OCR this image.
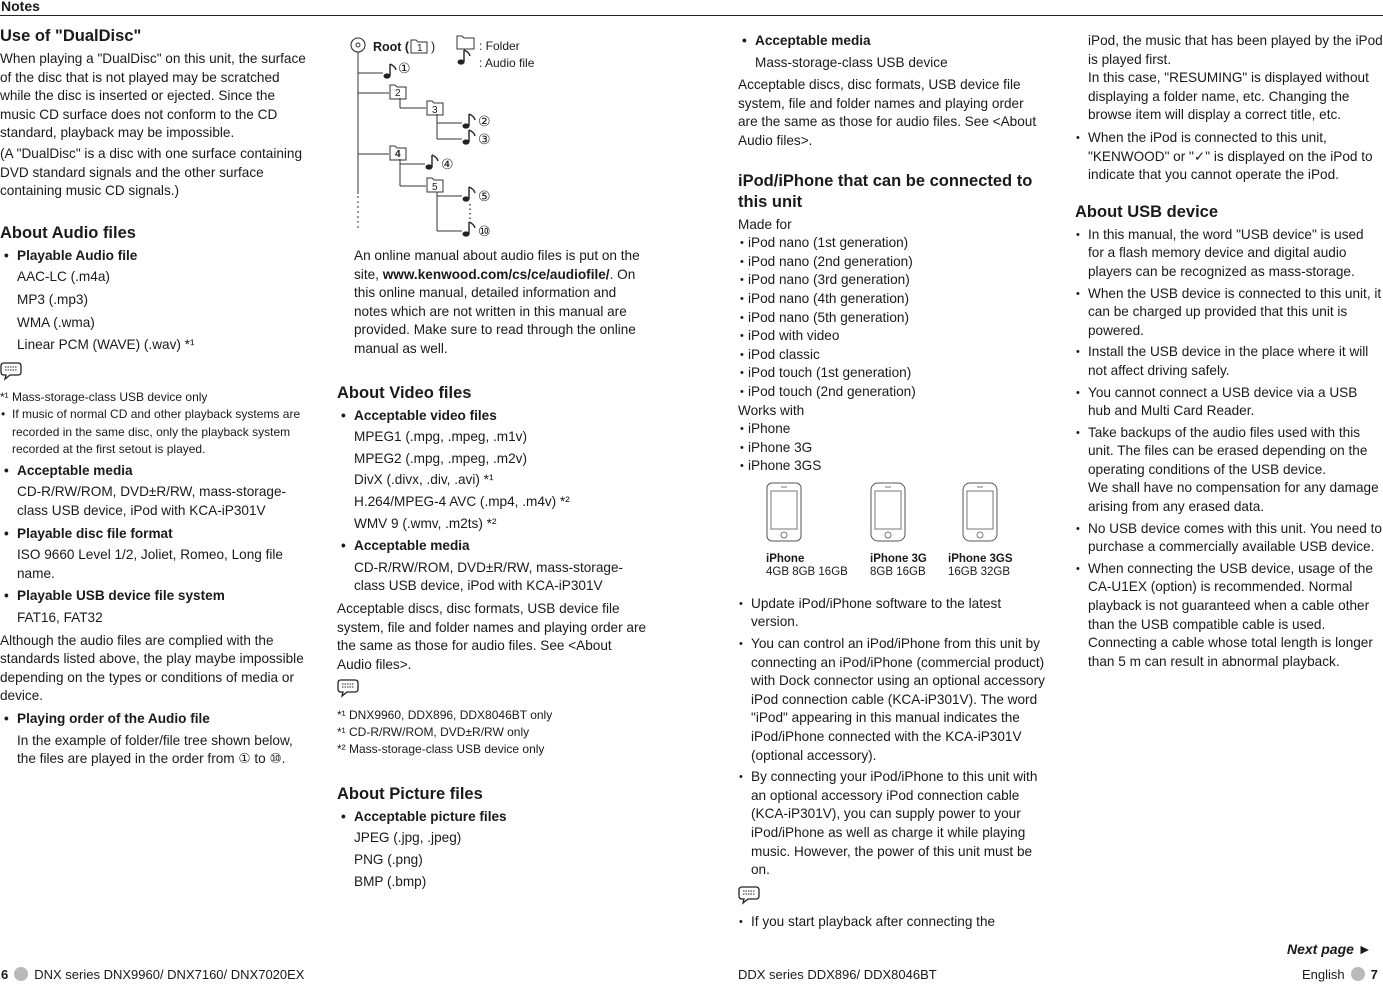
Notes
Use of "DualDisc"

When playing a "DualDisc" on this unit, the surface of the disc that is not played may be scratched while the disc is inserted or ejected. Since the music CD surface does not conform to the CD standard, playback may be impossible.

(A "DualDisc" is a disc with one surface containing DVD standard signals and the other surface containing music CD signals.)

About Audio files
• Playable Audio file

AAC-LC (.m4a)

MP3 (.mp3)

WMA (.wma)

Linear PCM (WAVE) (.wav) *¹

*¹ Mass-storage-class USB device only
• If music of normal CD and other playback systems are recorded in the same disc, only the playback system recorded at the first setout is played.
• Acceptable media

CD-R/RW/ROM, DVD±R/RW, mass-storage-class USB device, iPod with KCA-iP301V

• Playable disc file format

ISO 9660 Level 1/2, Joliet, Romeo, Long file name.

• Playable USB device file system

FAT16, FAT32

Although the audio files are complied with the standards listed above, the play maybe impossible depending on the types or conditions of media or device.

• Playing order of the Audio file

In the example of folder/file tree shown below, the files are played in the order from ① to ⑩.

Root ( 1 )	: Folder
: Audio file
2
3
4
5
①
②
③
④
⑤
⑩

An online manual about audio files is put on the site, www.kenwood.com/cs/ce/audiofile/. On this online manual, detailed information and notes which are not written in this manual are provided. Make sure to read through the online manual as well.

About Video files
• Acceptable video files

MPEG1 (.mpg, .mpeg, .m1v)

MPEG2 (.mpg, .mpeg, .m2v)

DivX (.divx, .div, .avi) *¹

H.264/MPEG-4 AVC (.mp4, .m4v) *²

WMV 9 (.wmv, .m2ts) *²

• Acceptable media

CD-R/RW/ROM, DVD±R/RW, mass-storage-class USB device, iPod with KCA-iP301V

Acceptable discs, disc formats, USB device file system, file and folder names and playing order are the same as those for audio files. See <About Audio files>.

*¹ DNX9960, DDX896, DDX8046BT only
*¹ CD-R/RW/ROM, DVD±R/RW only
*² Mass-storage-class USB device only
About Picture files
• Acceptable picture files

JPEG (.jpg, .jpeg)

PNG (.png)

BMP (.bmp)

• Acceptable media

Mass-storage-class USB device

Acceptable discs, disc formats, USB device file system, file and folder names and playing order are the same as those for audio files. See <About Audio files>.

iPod/iPhone that can be connected to this unit

Made for

• iPod nano (1st generation)
• iPod nano (2nd generation)
• iPod nano (3rd generation)
• iPod nano (4th generation)
• iPod nano (5th generation)
• iPod with video
• iPod classic
• iPod touch (1st generation)
• iPod touch (2nd generation)

Works with

• iPhone
• iPhone 3G
• iPhone 3GS
iPhone
4GB 8GB 16GB
iPhone 3G
8GB 16GB
iPhone 3GS
16GB 32GB
• Update iPod/iPhone software to the latest version.
• You can control an iPod/iPhone from this unit by connecting an iPod/iPhone (commercial product) with Dock connector using an optional accessory iPod connection cable (KCA-iP301V). The word "iPod" appearing in this manual indicates the iPod/iPhone connected with the KCA-iP301V (optional accessory).
• By connecting your iPod/iPhone to this unit with an optional accessory iPod connection cable (KCA-iP301V), you can supply power to your iPod/iPhone as well as charge it while playing music. However, the power of this unit must be on.
• If you start playback after connecting the

iPod, the music that has been played by the iPod is played first.
In this case, "RESUMING" is displayed without displaying a folder name, etc. Changing the browse item will display a correct title, etc.

• When the iPod is connected to this unit, "KENWOOD" or "✓" is displayed on the iPod to indicate that you cannot operate the iPod.
About USB device
• In this manual, the word "USB device" is used for a flash memory device and digital audio players can be recognized as mass-storage.
• When the USB device is connected to this unit, it can be charged up provided that this unit is powered.
• Install the USB device in the place where it will not affect driving safely.
• You cannot connect a USB device via a USB hub and Multi Card Reader.
• Take backups of the audio files used with this unit. The files can be erased depending on the operating conditions of the USB device.
We shall have no compensation for any damage arising from any erased data.
• No USB device comes with this unit. You need to purchase a commercially available USB device.
• When connecting the USB device, usage of the CA-U1EX (option) is recommended. Normal playback is not guaranteed when a cable other than the USB compatible cable is used. Connecting a cable whose total length is longer than 5 m can result in abnormal playback.
Next page ►
6 DNX series DNX9960/ DNX7160/ DNX7020EX	DDX series DDX896/ DDX8046BT	English 7
